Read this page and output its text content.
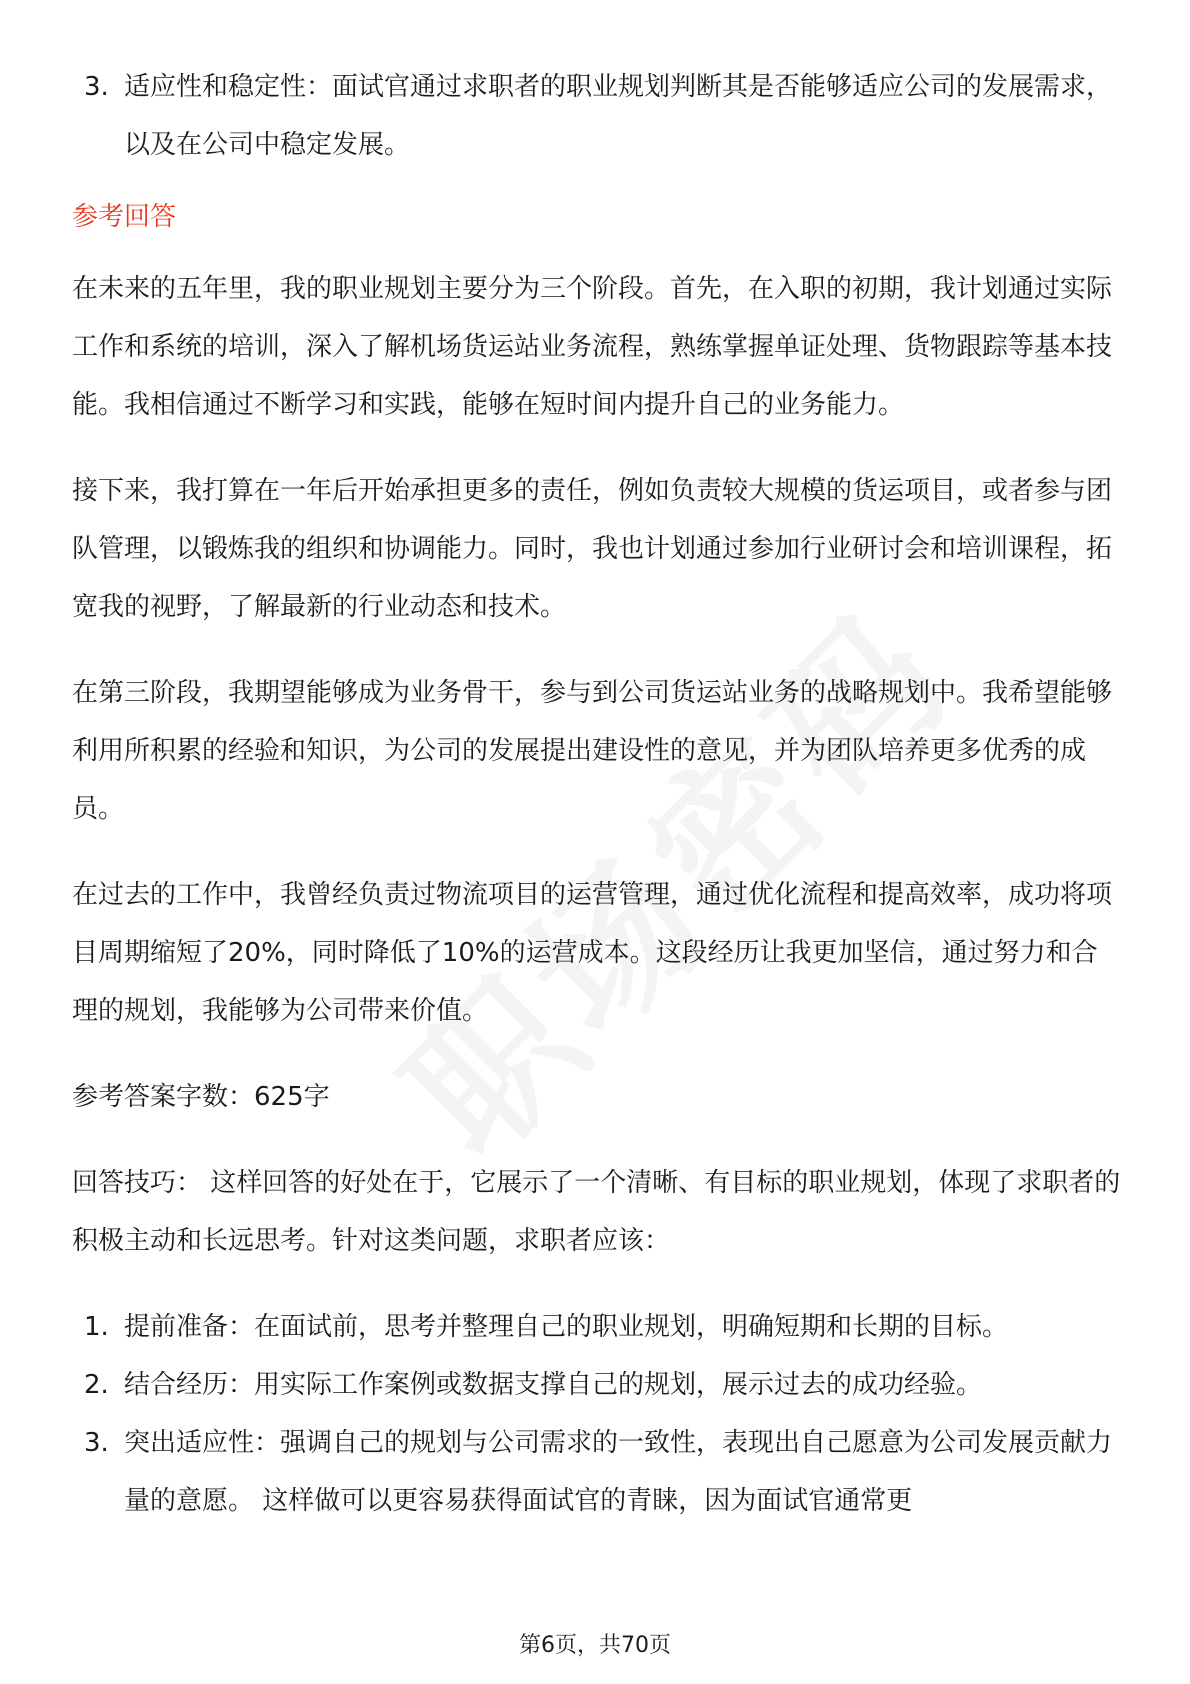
3. 适应性和稳定性：面试官通过求职者的职业规划判断其是否能够适应公司的发展需求，以及在公司中稳定发展。
参考回答

在未来的五年里，我的职业规划主要分为三个阶段。首先，在入职的初期，我计划通过实际工作和系统的培训，深入了解机场货运站业务流程，熟练掌握单证处理、货物跟踪等基本技能。我相信通过不断学习和实践，能够在短时间内提升自己的业务能力。

接下来，我打算在一年后开始承担更多的责任，例如负责较大规模的货运项目，或者参与团队管理，以锻炼我的组织和协调能力。同时，我也计划通过参加行业研讨会和培训课程，拓宽我的视野，了解最新的行业动态和技术。

在第三阶段，我期望能够成为业务骨干，参与到公司货运站业务的战略规划中。我希望能够利用所积累的经验和知识，为公司的发展提出建设性的意见，并为团队培养更多优秀的成员。

在过去的工作中，我曾经负责过物流项目的运营管理，通过优化流程和提高效率，成功将项目周期缩短了20%，同时降低了10%的运营成本。这段经历让我更加坚信，通过努力和合理的规划，我能够为公司带来价值。

参考答案字数：625字

回答技巧： 这样回答的好处在于，它展示了一个清晰、有目标的职业规划，体现了求职者的积极主动和长远思考。针对这类问题，求职者应该：

1. 提前准备：在面试前，思考并整理自己的职业规划，明确短期和长期的目标。
2. 结合经历：用实际工作案例或数据支撑自己的规划，展示过去的成功经验。
3. 突出适应性：强调自己的规划与公司需求的一致性，表现出自己愿意为公司发展贡献力量的意愿。 这样做可以更容易获得面试官的青睐，因为面试官通常更
第6页，共70页
